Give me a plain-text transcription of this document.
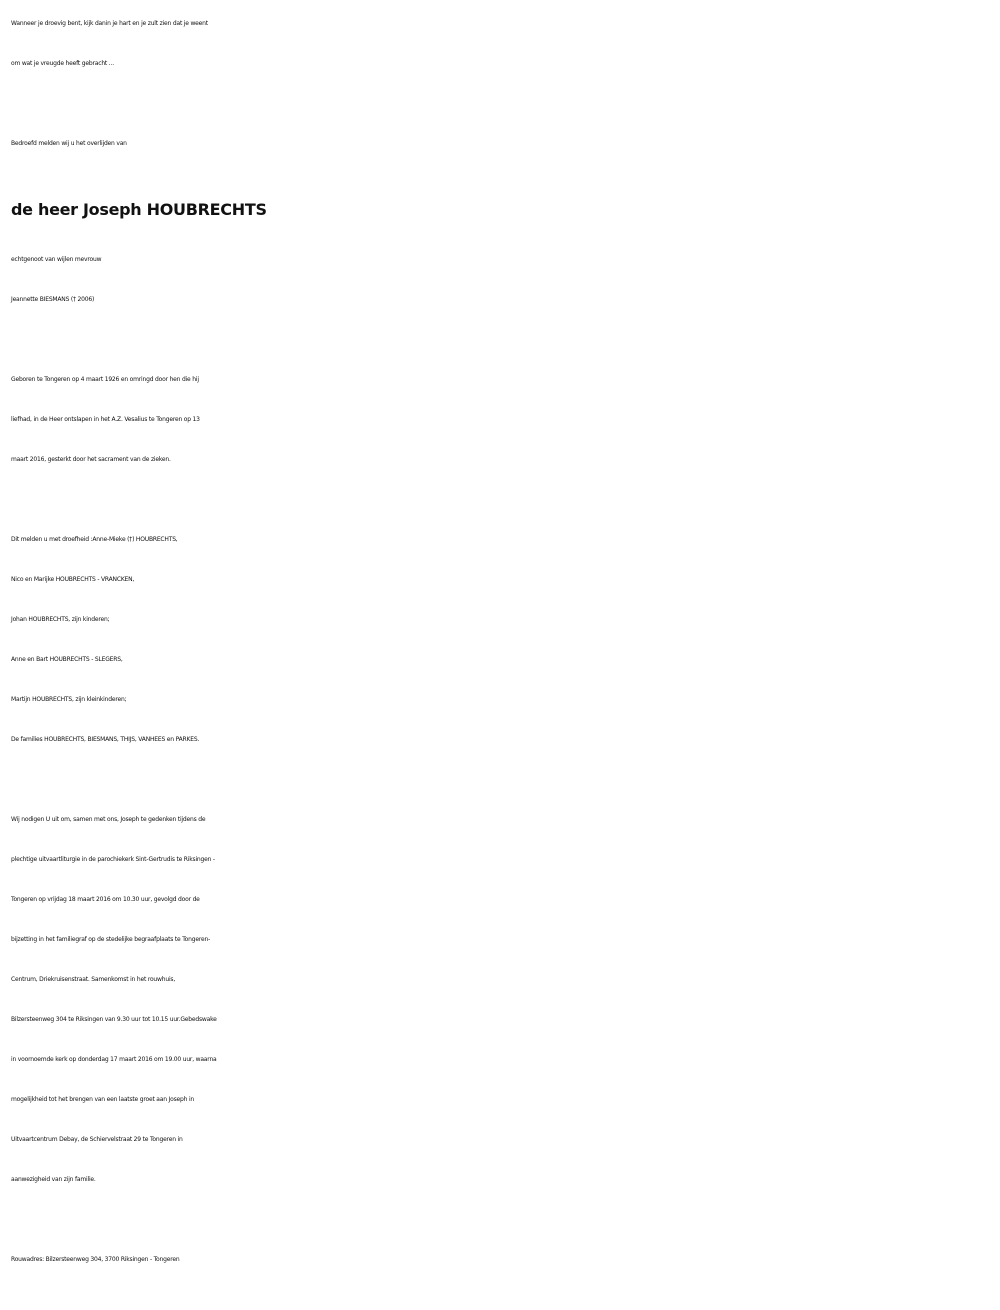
Wanneer je droevig bent, kijk danin je hart en je zult zien dat je weent
om wat je vreugde heeft gebracht ...
Bedroefd melden wij u het overlijden van
de heer Joseph HOUBRECHTS
echtgenoot van wijlen mevrouw
Jeannette BIESMANS († 2006)
Geboren te Tongeren op 4 maart 1926 en omringd door hen die hij
liefhad, in de Heer ontslapen in het A.Z. Vesalius te Tongeren op 13
maart 2016, gesterkt door het sacrament van de zieken.
Dit melden u met droefheid :Anne-Mieke (†) HOUBRECHTS,
Nico en Marijke HOUBRECHTS - VRANCKEN,
Johan HOUBRECHTS, zijn kinderen;
Anne en Bart HOUBRECHTS - SLEGERS,
Martijn HOUBRECHTS, zijn kleinkinderen;
De families HOUBRECHTS, BIESMANS, THIJS, VANHEES en PARKES.
Wij nodigen U uit om, samen met ons, Joseph te gedenken tijdens de
plechtige uitvaartliturgie in de parochiekerk Sint-Gertrudis te Riksingen -
Tongeren op vrijdag 18 maart 2016 om 10.30 uur, gevolgd door de
bijzetting in het familiegraf op de stedelijke begraafplaats te Tongeren-
Centrum, Driekruisenstraat. Samenkomst in het rouwhuis,
Bilzersteenweg 304 te Riksingen van 9.30 uur tot 10.15 uur.Gebedswake
in voornoemde kerk op donderdag 17 maart 2016 om 19.00 uur, waarna
mogelijkheid tot het brengen van een laatste groet aan Joseph in
Uitvaartcentrum Debay, de Schiervelstraat 29 te Tongeren in
aanwezigheid van zijn familie.
Rouwadres: Bilzersteenweg 304, 3700 Riksingen - Tongeren
